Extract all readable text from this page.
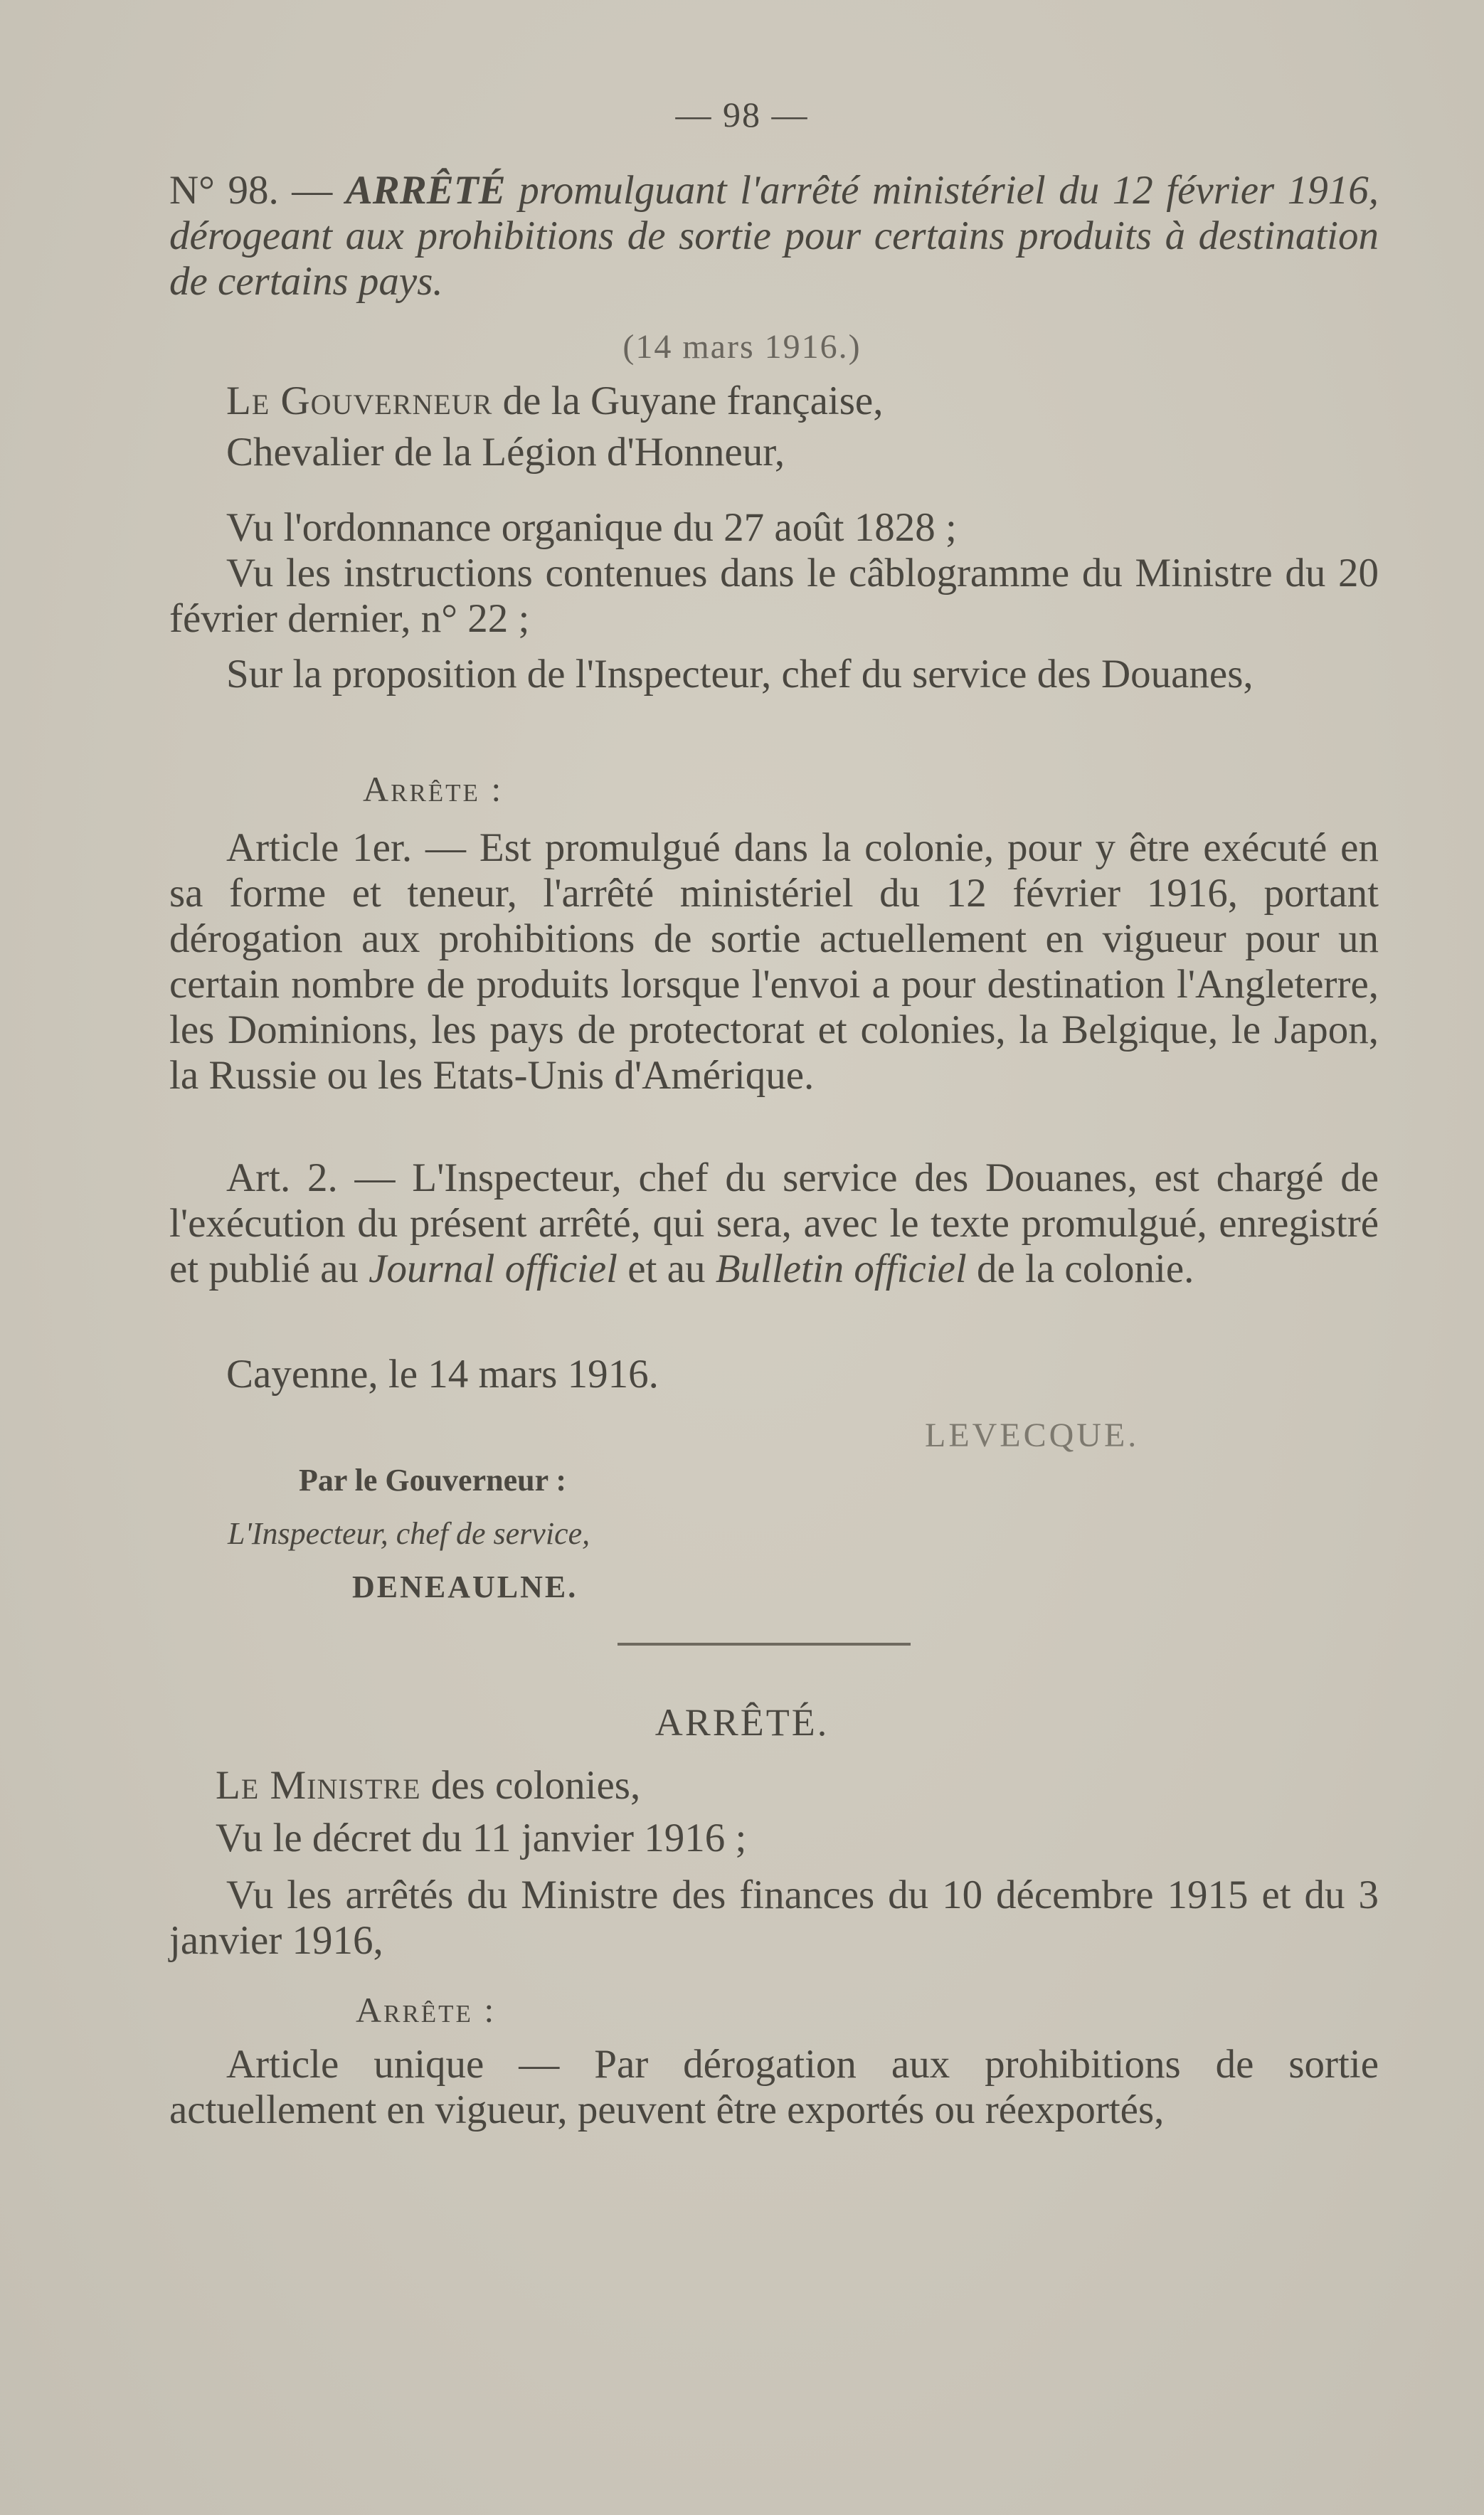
— 98 —
N° 98. — ARRÊTÉ promulguant l'arrêté ministériel du 12 février 1916, dérogeant aux prohibitions de sortie pour certains produits à destination de certains pays.
(14 mars 1916.)
Le Gouverneur de la Guyane française,
Chevalier de la Légion d'Honneur,
Vu l'ordonnance organique du 27 août 1828 ;
Vu les instructions contenues dans le câblogramme du Ministre du 20 février dernier, n° 22 ;
Sur la proposition de l'Inspecteur, chef du service des Douanes,
Arrête :
Article 1er. — Est promulgué dans la colonie, pour y être exécuté en sa forme et teneur, l'arrêté ministériel du 12 février 1916, portant dérogation aux prohibitions de sortie actuellement en vigueur pour un certain nombre de produits lorsque l'envoi a pour destination l'Angleterre, les Dominions, les pays de protectorat et colonies, la Belgique, le Japon, la Russie ou les Etats-Unis d'Amérique.
Art. 2. — L'Inspecteur, chef du service des Douanes, est chargé de l'exécution du présent arrêté, qui sera, avec le texte promulgué, enregistré et publié au Journal officiel et au Bulletin officiel de la colonie.
Cayenne, le 14 mars 1916.
LEVECQUE.
Par le Gouverneur :
L'Inspecteur, chef de service,
DENEAULNE.
ARRÊTÉ.
Le Ministre des colonies,
Vu le décret du 11 janvier 1916 ;
Vu les arrêtés du Ministre des finances du 10 décembre 1915 et du 3 janvier 1916,
Arrête :
Article unique — Par dérogation aux prohibitions de sortie actuellement en vigueur, peuvent être exportés ou réexportés,
